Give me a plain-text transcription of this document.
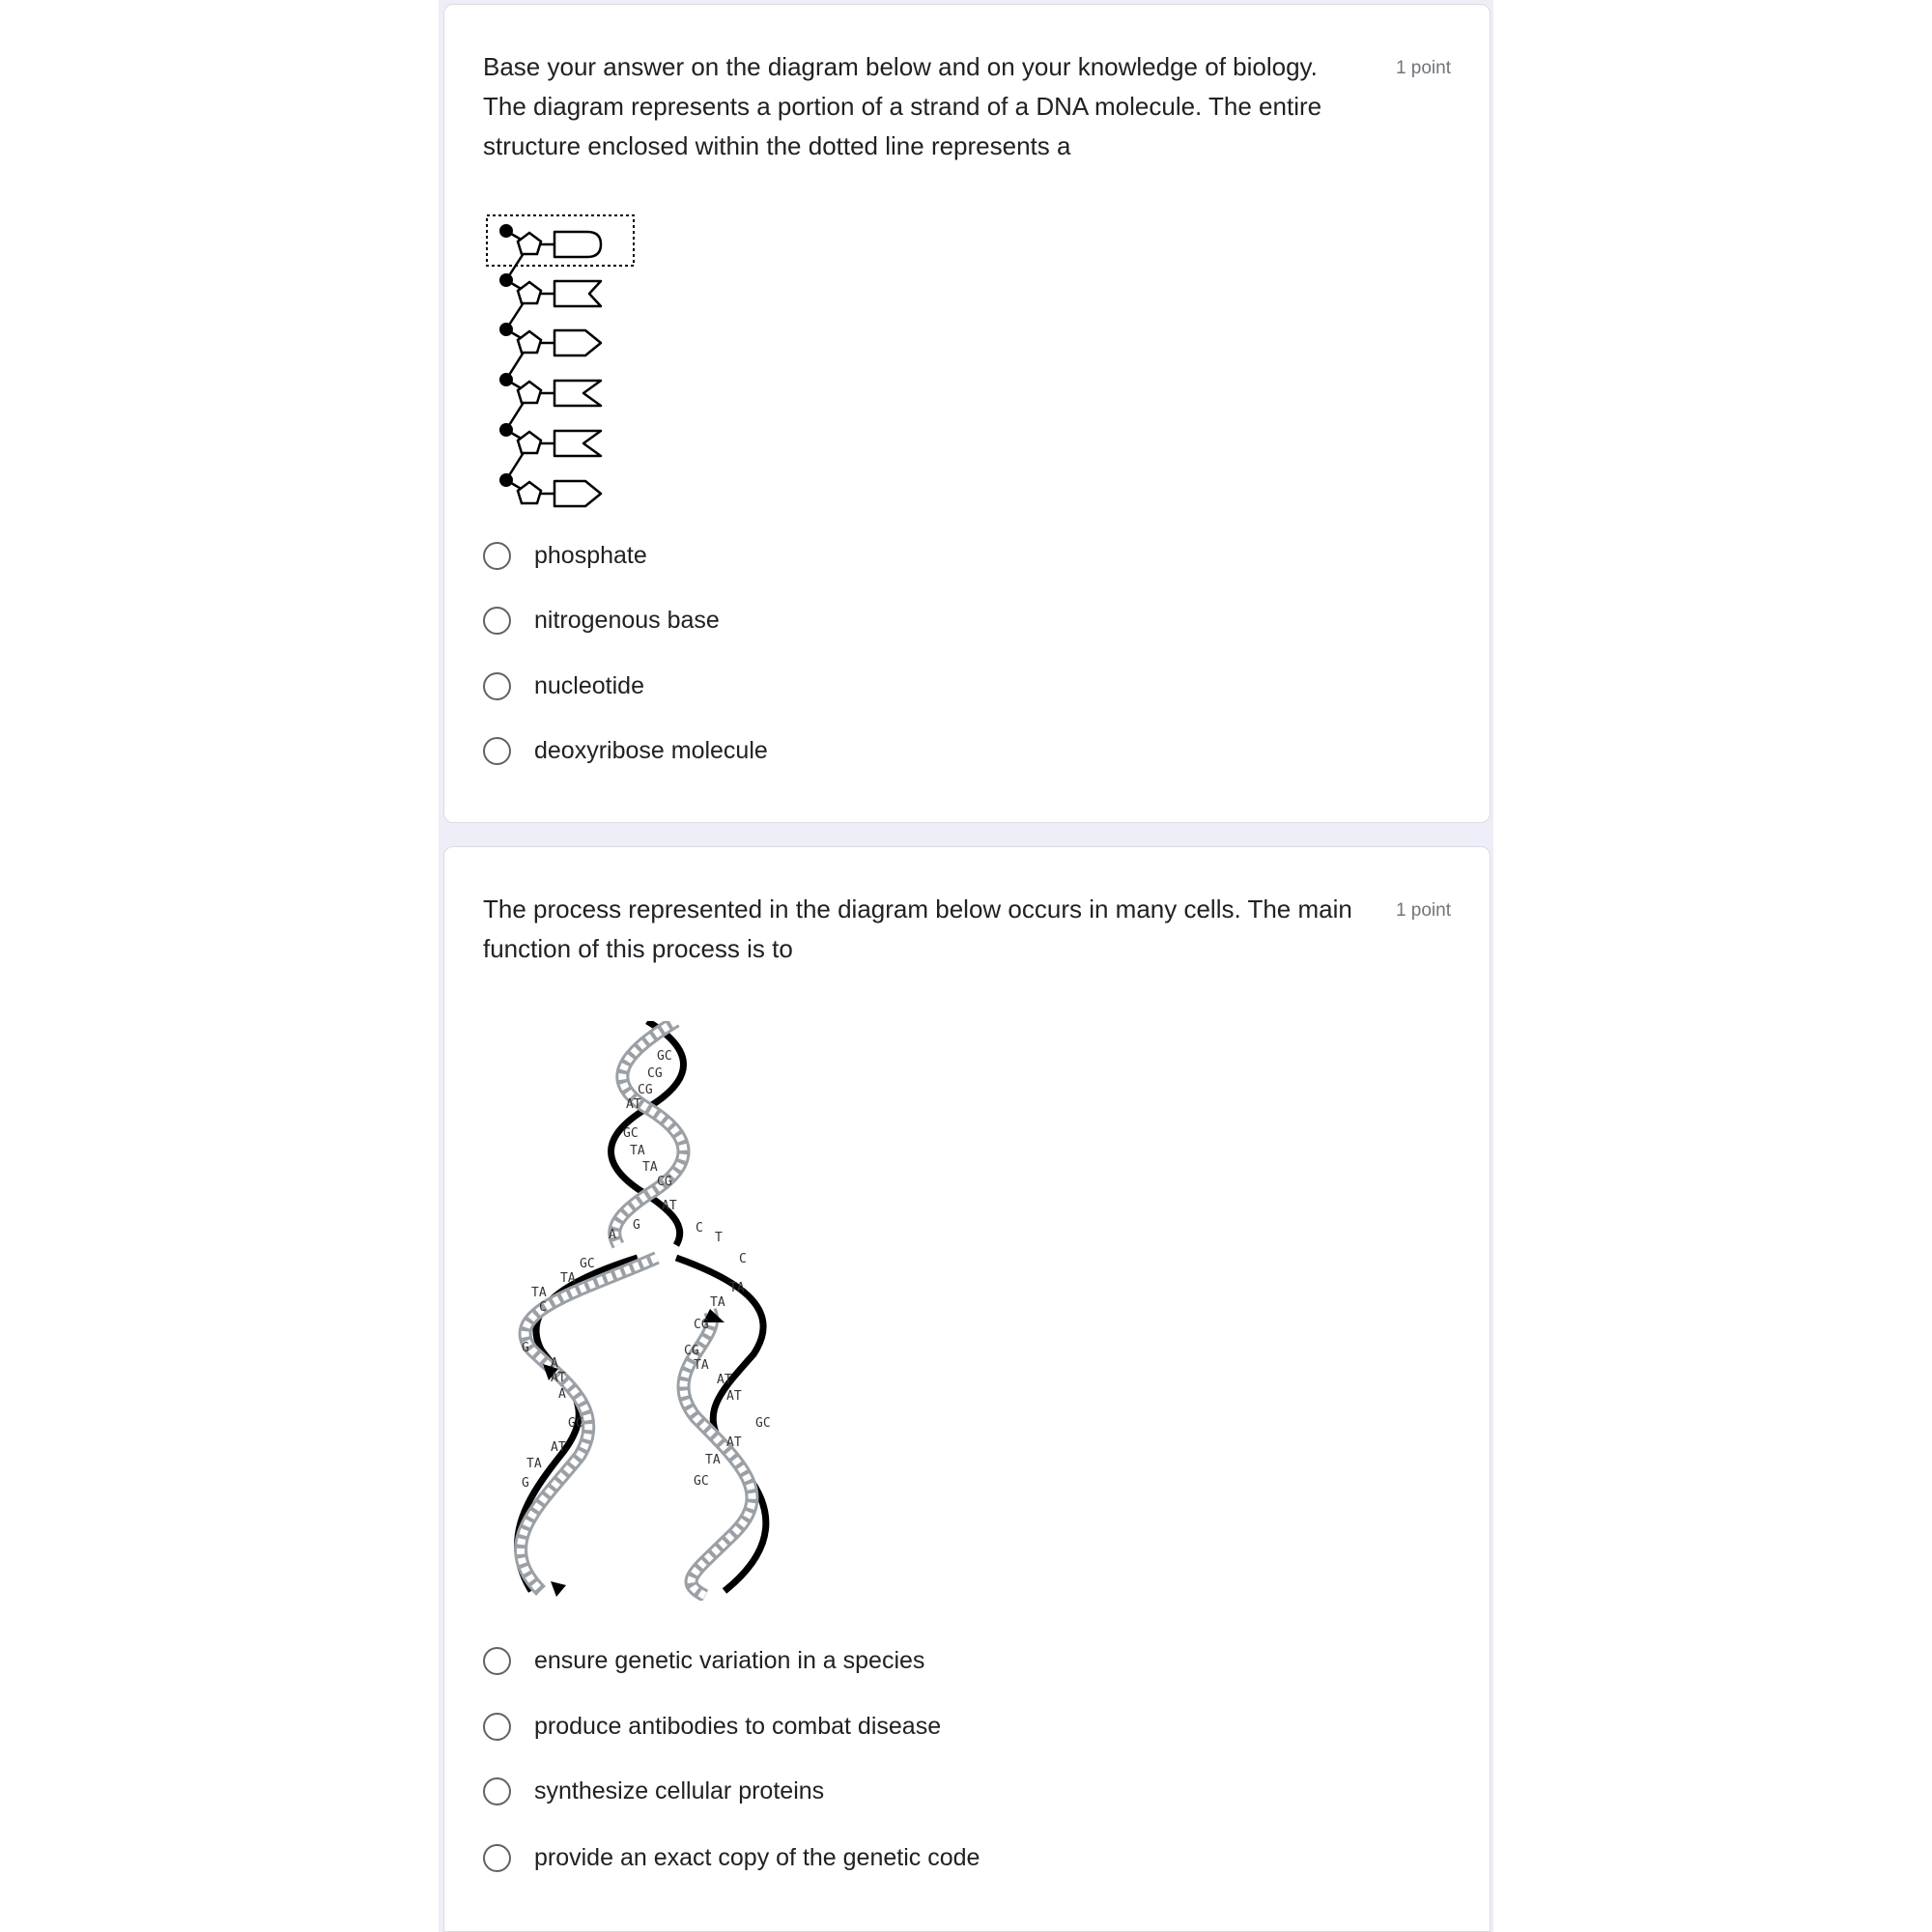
Base your answer on the diagram below and on your knowledge of biology. The diagram represents a portion of a strand of a DNA molecule. The entire structure enclosed within the dotted line represents a
1 point
phosphate
nitrogenous base
nucleotide
deoxyribose molecule
The process represented in the diagram below occurs in many cells. The main function of this process is to
1 point
GC
CG
CG
AT
GC
TA
TA
CG
AT
A
G
GC
TA
TA
C
G
A
AT
A
GC
AT
TA
G
C
T
C
TA
TA
CG
CG
TA
AT
AT
GC
AT
TA
GC
ensure genetic variation in a species
produce antibodies to combat disease
synthesize cellular proteins
provide an exact copy of the genetic code
